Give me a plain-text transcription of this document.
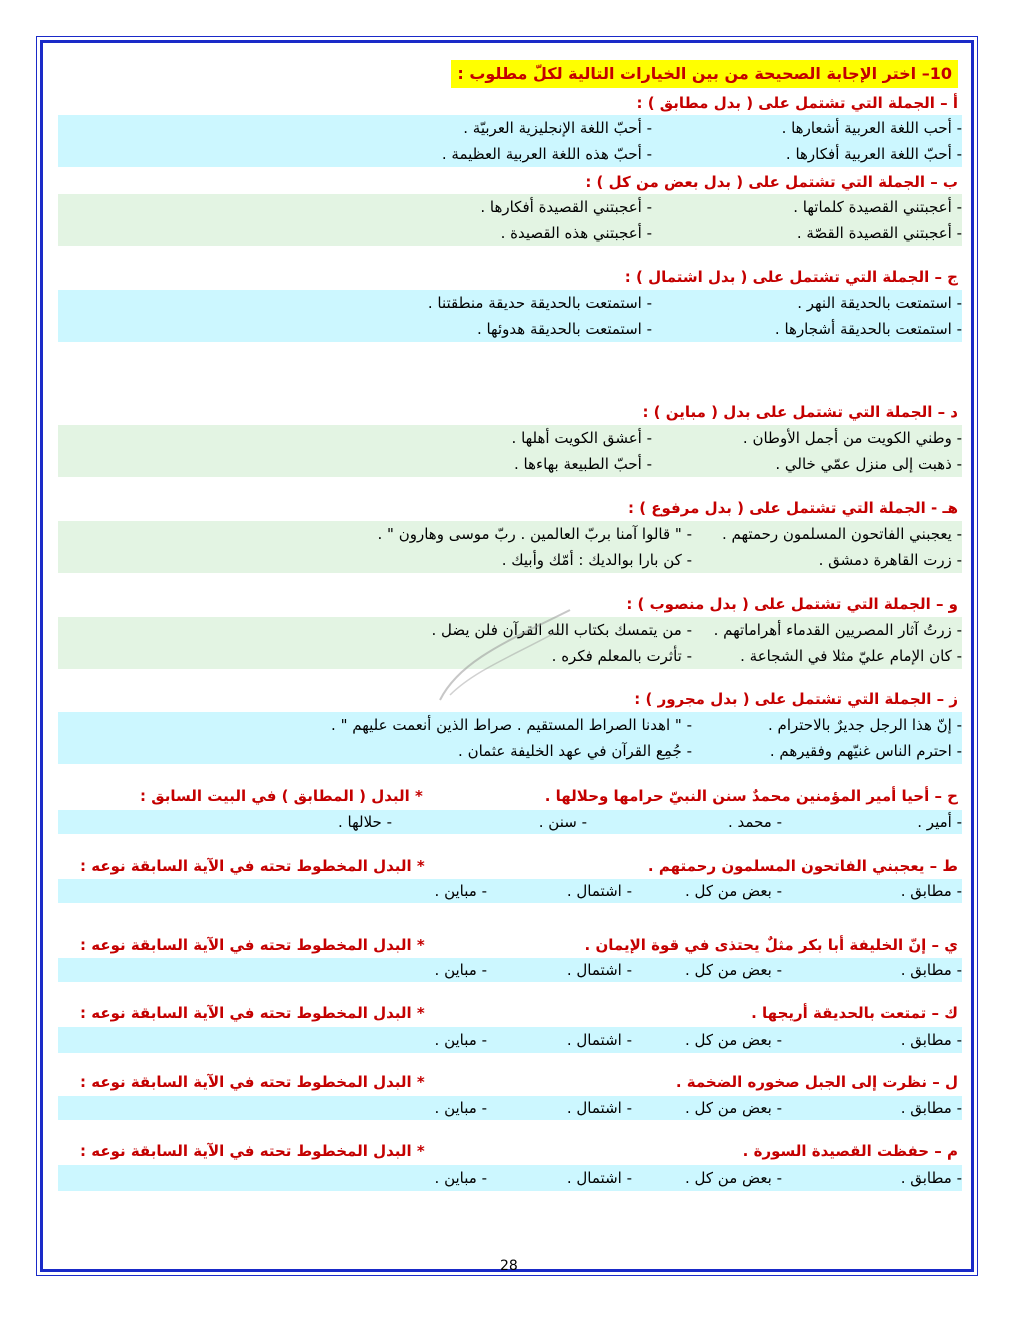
10– اختر الإجابة الصحيحة من بين الخيارات التالية لكلّ مطلوب :
أ – الجملة التي تشتمل على ( بدل مطابق ) :
- أحب اللغة العربية أشعارها .
- أحبّ اللغة الإنجليزية العربيّة .
- أحبّ اللغة العربية أفكارها .
- أحبّ هذه اللغة العربية العظيمة .
ب – الجملة التي تشتمل على ( بدل بعض من كل ) :
- أعجبتني القصيدة كلماتها .
- أعجبتني القصيدة أفكارها .
- أعجبتني القصيدة القصّة .
- أعجبتني هذه القصيدة .
ج – الجملة التي تشتمل على ( بدل اشتمال ) :
- استمتعت بالحديقة النهر .
- استمتعت بالحديقة حديقة منطقتنا .
- استمتعت بالحديقة أشجارها .
- استمتعت بالحديقة هدوئها .
د – الجملة التي تشتمل على بدل ( مباين ) :
- وطني الكويت من أجمل الأوطان .
- أعشق الكويت أهلها .
- ذهبت إلى منزل عمّي خالي .
- أحبّ الطبيعة بهاءها .
هـ - الجملة التي تشتمل على ( بدل مرفوع ) :
- يعجبني الفاتحون المسلمون رحمتهم .
- " قالوا آمنا بربّ العالمين . ربّ موسى وهارون " .
- زرت القاهرة دمشق .
- كن بارا بوالديك : أمّك وأبيك .
و – الجملة التي تشتمل على ( بدل منصوب ) :
- زرتُ آثار المصريين القدماء أهراماتهم .
- من يتمسك بكتاب الله القرآن فلن يضل .
- كان الإمام عليّ مثلا في الشجاعة .
- تأثرت بالمعلم فكره .
ز – الجملة التي تشتمل على ( بدل مجرور ) :
- إنّ هذا الرجل جديرٌ بالاحترام .
- " اهدنا الصراط المستقيم . صراط الذين أنعمت عليهم " .
- احترم الناس غنيّهم وفقيرهم .
- جُمِع القرآن في عهد الخليفة عثمان .
ح – أحيا أمير المؤمنين محمدٌ سنن النبيّ حرامها وحلالها .
* البدل ( المطابق ) في البيت السابق :
- أمير .
- محمد .
- سنن .
- حلالها .
ط – يعجبني الفاتحون المسلمون رحمتهم .
* البدل المخطوط تحته في الآية السابقة نوعه :
- مطابق .
- بعض من كل .
- اشتمال .
- مباين .
ي – إنّ الخليفة أبا بكر مثلٌ يحتذى في قوة الإيمان .
* البدل المخطوط تحته في الآية السابقة نوعه :
- مطابق .
- بعض من كل .
- اشتمال .
- مباين .
ك – تمتعت بالحديقة أريجها .
* البدل المخطوط تحته في الآية السابقة نوعه :
- مطابق .
- بعض من كل .
- اشتمال .
- مباين .
ل – نظرت إلى الجبل صخوره الضخمة .
* البدل المخطوط تحته في الآية السابقة نوعه :
- مطابق .
- بعض من كل .
- اشتمال .
- مباين .
م – حفظت القصيدة السورة .
* البدل المخطوط تحته في الآية السابقة نوعه :
- مطابق .
- بعض من كل .
- اشتمال .
- مباين .
28
